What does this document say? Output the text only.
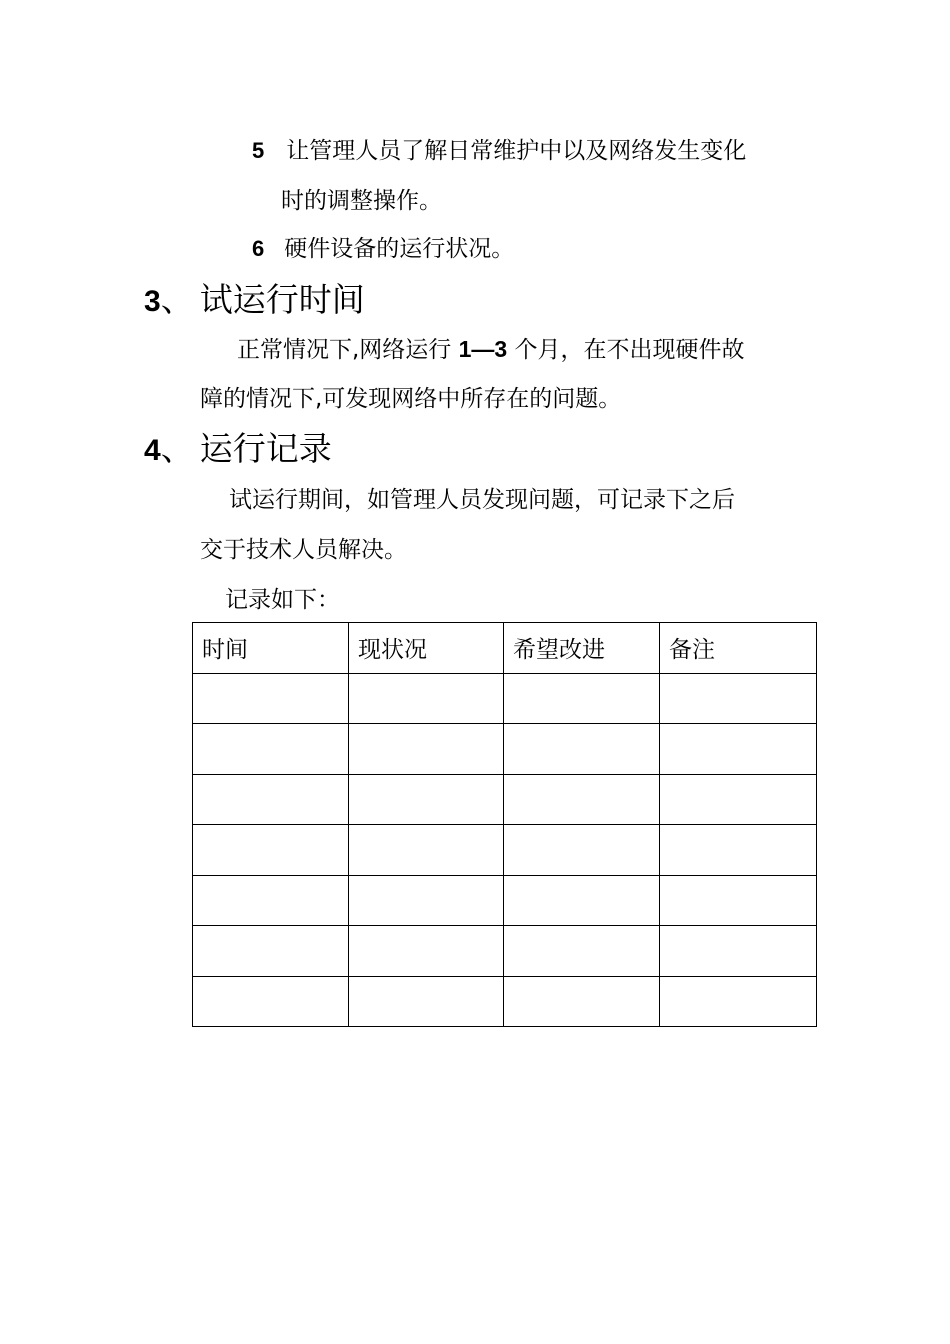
5 让管理人员了解日常维护中以及网络发生变化
时的调整操作。
6 硬件设备的运行状况。
3、 试运行时间
正常情况下,网络运行 1—3 个月，在不出现硬件故
障的情况下,可发现网络中所存在的问题。
4、 运行记录
试运行期间，如管理人员发现问题，可记录下之后
交于技术人员解决。
记录如下：
时间	现状况	希望改进	备注
